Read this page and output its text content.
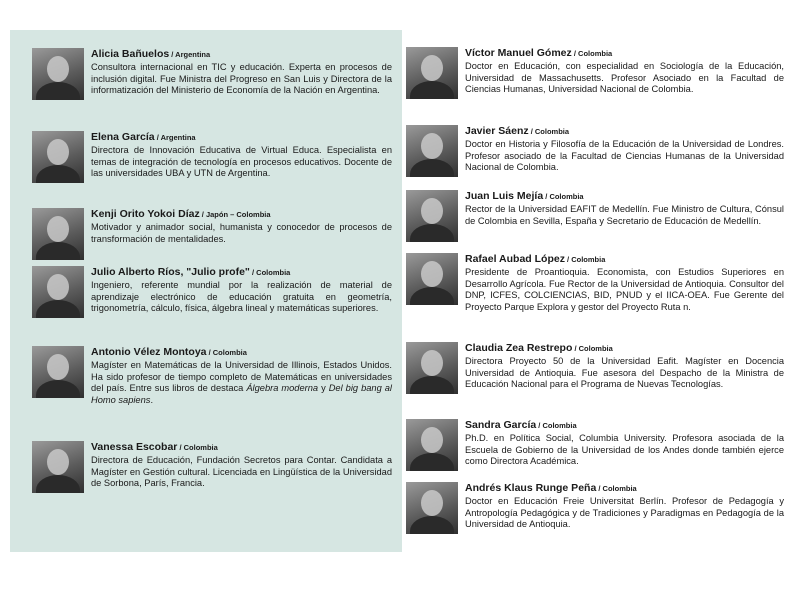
Alicia Bañuelos / Argentina
Consultora internacional en TIC y educación. Experta en procesos de inclusión digital. Fue Ministra del Progreso en San Luis y Directora de la informatización del Ministerio de Economía de la Nación en Argentina.
Elena García / Argentina
Directora de Innovación Educativa de Virtual Educa. Especialista en temas de integración de tecnología en procesos educativos. Docente de las universidades UBA y UTN de Argentina.
Kenji Orito Yokoi Díaz / Japón – Colombia
Motivador y animador social, humanista y conocedor de procesos de transformación de mentalidades.
Julio Alberto Ríos, "Julio profe" / Colombia
Ingeniero, referente mundial por la realización de material de aprendizaje electrónico de educación gratuita en geometría, trigonometría, cálculo, física, álgebra lineal y matemáticas superiores.
Antonio Vélez Montoya / Colombia
Magíster en Matemáticas de la Universidad de Illinois, Estados Unidos. Ha sido profesor de tiempo completo de Matemáticas en universidades del país. Entre sus libros de destaca Álgebra moderna y Del big bang al Homo sapiens.
Vanessa Escobar / Colombia
Directora de Educación, Fundación Secretos para Contar. Candidata a Magíster en Gestión cultural. Licenciada en Lingüística de la Universidad de Sorbona, París, Francia.
Víctor Manuel Gómez / Colombia
Doctor en Educación, con especialidad en Sociología de la Educación, Universidad de Massachusetts. Profesor Asociado en la Facultad de Ciencias Humanas, Universidad Nacional de Colombia.
Javier Sáenz / Colombia
Doctor en Historia y Filosofía de la Educación de la Universidad de Londres. Profesor asociado de la Facultad de Ciencias Humanas de la Universidad Nacional de Colombia.
Juan Luis Mejía / Colombia
Rector de la Universidad EAFIT de Medellín. Fue Ministro de Cultura, Cónsul de Colombia en Sevilla, España y Secretario de Educación de Medellín.
Rafael Aubad López / Colombia
Presidente de Proantioquia. Economista, con Estudios Superiores en Desarrollo Agrícola. Fue Rector de la Universidad de Antioquia. Consultor del DNP, ICFES, COLCIENCIAS, BID, PNUD y el IICA-OEA. Fue Gerente del Proyecto Parque Explora y gestor del Proyecto Ruta n.
Claudia Zea Restrepo / Colombia
Directora Proyecto 50 de la Universidad Eafit. Magíster en Docencia Universidad de Antioquia. Fue asesora del Despacho de la Ministra de Educación Nacional para el Programa de Nuevas Tecnologías.
Sandra García / Colombia
Ph.D. en Política Social, Columbia University. Profesora asociada de la Escuela de Gobierno de la Universidad de los Andes donde también ejerce como Directora Académica.
Andrés Klaus Runge Peña / Colombia
Doctor en Educación Freie Universitat Berlín. Profesor de Pedagogía y Antropología Pedagógica y de Tradiciones y Paradigmas en Pedagogía de la Universidad de Antioquia.
